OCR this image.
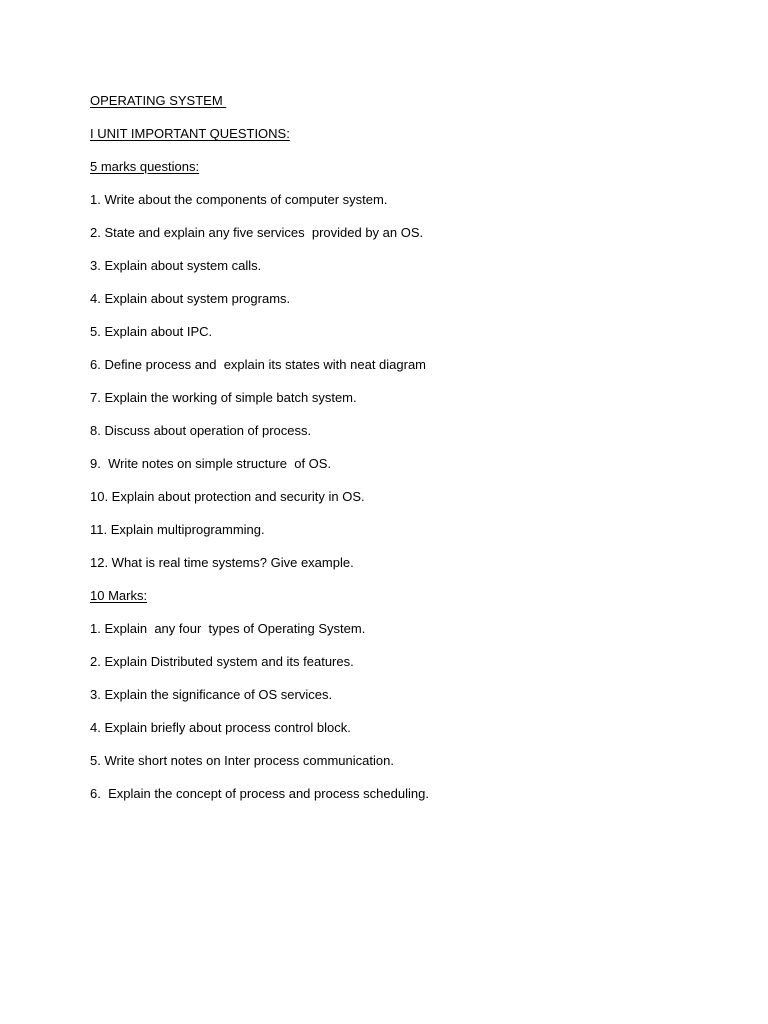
OPERATING SYSTEM
I UNIT IMPORTANT QUESTIONS:
5 marks questions:
1. Write about the components of computer system.
2. State and explain any five services  provided by an OS.
3. Explain about system calls.
4. Explain about system programs.
5. Explain about IPC.
6. Define process and  explain its states with neat diagram
7. Explain the working of simple batch system.
8. Discuss about operation of process.
9.  Write notes on simple structure  of OS.
10. Explain about protection and security in OS.
11. Explain multiprogramming.
12. What is real time systems? Give example.
10 Marks:
1. Explain  any four  types of Operating System.
2. Explain Distributed system and its features.
3. Explain the significance of OS services.
4. Explain briefly about process control block.
5. Write short notes on Inter process communication.
6.  Explain the concept of process and process scheduling.
